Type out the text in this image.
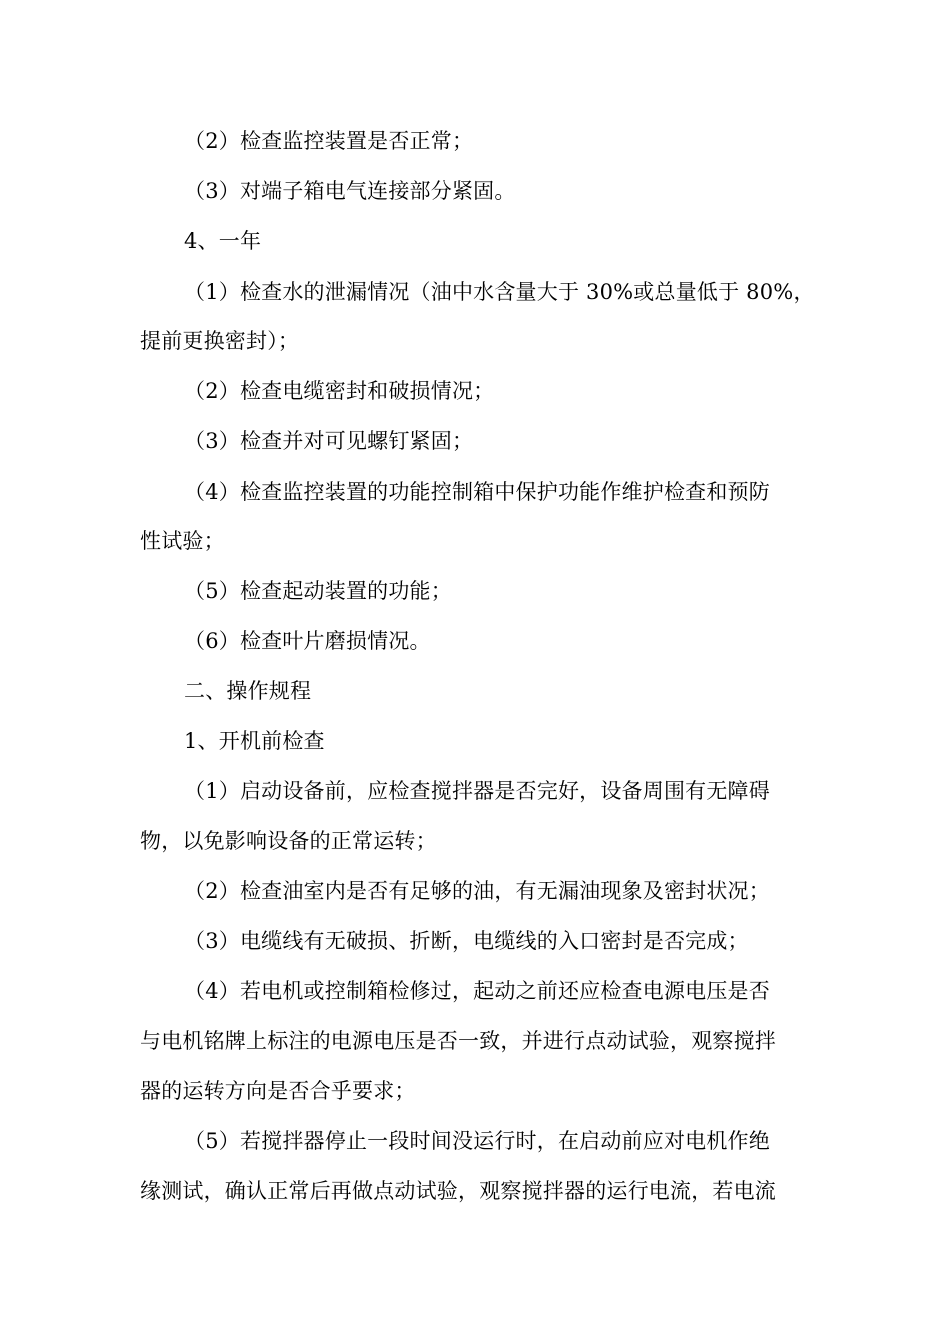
（2）检查监控装置是否正常；
（3）对端子箱电气连接部分紧固。
4、一年
（1）检查水的泄漏情况（油中水含量大于 30%或总量低于 80%，
提前更换密封）；
（2）检查电缆密封和破损情况；
（3）检查并对可见螺钉紧固；
（4）检查监控装置的功能控制箱中保护功能作维护检查和预防
性试验；
（5）检查起动装置的功能；
（6）检查叶片磨损情况。
二、操作规程
1、开机前检查
（1）启动设备前，应检查搅拌器是否完好，设备周围有无障碍
物，以免影响设备的正常运转；
（2）检查油室内是否有足够的油，有无漏油现象及密封状况；
（3）电缆线有无破损、折断，电缆线的入口密封是否完成；
（4）若电机或控制箱检修过，起动之前还应检查电源电压是否
与电机铭牌上标注的电源电压是否一致，并进行点动试验，观察搅拌
器的运转方向是否合乎要求；
（5）若搅拌器停止一段时间没运行时，在启动前应对电机作绝
缘测试，确认正常后再做点动试验，观察搅拌器的运行电流，若电流
